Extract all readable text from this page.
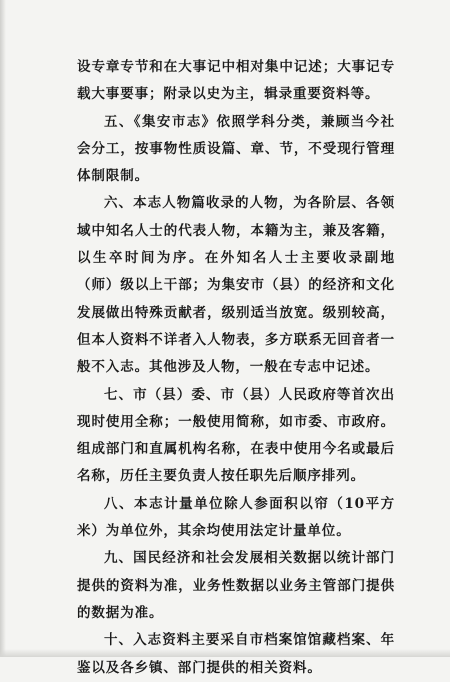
设专章专节和在大事记中相对集中记述；大事记专载大事要事；附录以史为主，辑录重要资料等。

五、《集安市志》依照学科分类，兼顾当今社会分工，按事物性质设篇、章、节，不受现行管理体制限制。

六、本志人物篇收录的人物，为各阶层、各领域中知名人士的代表人物，本籍为主，兼及客籍，以生卒时间为序。在外知名人士主要收录副地（师）级以上干部；为集安市（县）的经济和文化发展做出特殊贡献者，级别适当放宽。级别较高，但本人资料不详者入人物表，多方联系无回音者一般不入志。其他涉及人物，一般在专志中记述。

七、市（县）委、市（县）人民政府等首次出现时使用全称；一般使用简称，如市委、市政府。组成部门和直属机构名称，在表中使用今名或最后名称，历任主要负责人按任职先后顺序排列。

八、本志计量单位除人参面积以帘（10平方米）为单位外，其余均使用法定计量单位。

九、国民经济和社会发展相关数据以统计部门提供的资料为准，业务性数据以业务主管部门提供的数据为准。

十、入志资料主要采自市档案馆馆藏档案、年鉴以及各乡镇、部门提供的相关资料。
